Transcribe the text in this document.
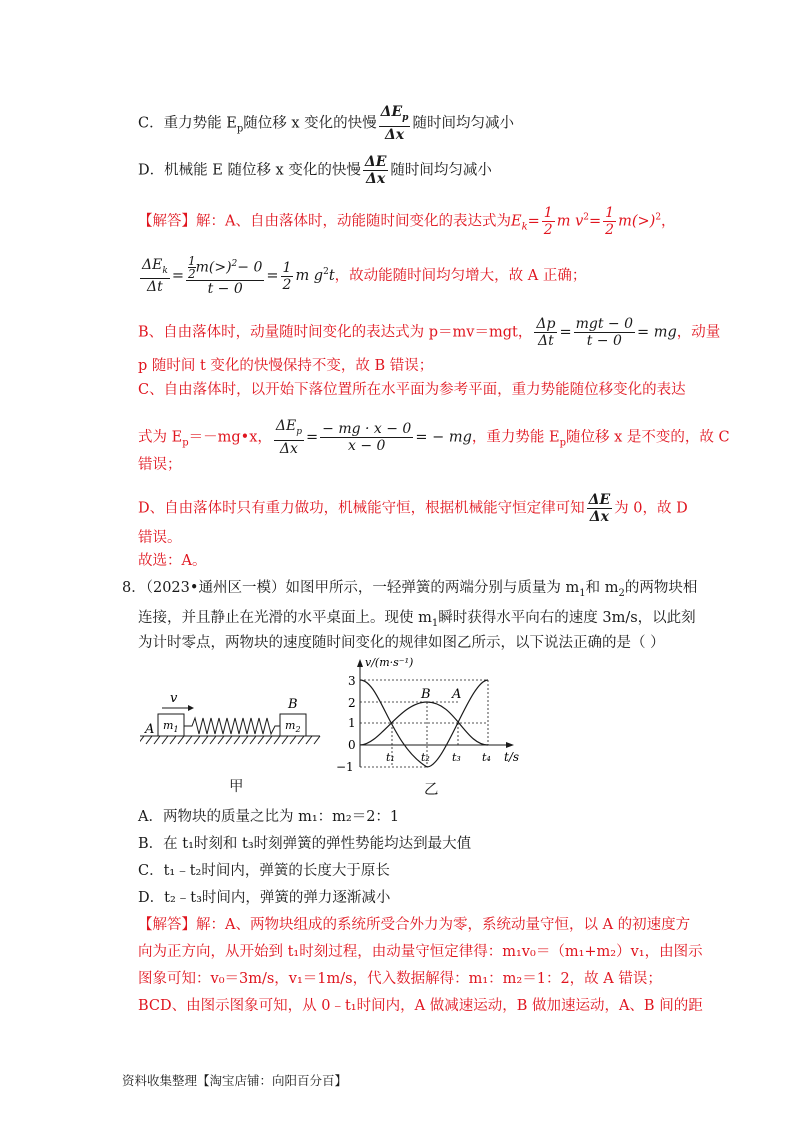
C．重力势能 $E_p$随位移 x 变化的快慢 $\frac{\Delta E_p}{\Delta x}$ 随时间均匀减小
D．机械能 E 随位移 x 变化的快慢 $\frac{\Delta E}{\Delta x}$ 随时间均匀减小
【解答】解：A、自由落体时，动能随时间变化的表达式为$E_k= \frac{1}{2}$ m $v^2= \frac{1}{2} m(>)^2$，
$\frac{\Delta E_k}{\Delta t} = \frac{\frac{1}{2} m(>)^2- 0}{t - 0} = \frac{1}{2}$ m $g^2t$，故动能随时间均匀增大，故 A 正确；
B、自由落体时，动量随时间变化的表达式为 p＝mv＝mgt， $\frac{\Delta p}{\Delta t} = \frac{\text{mgt − 0}}{t - 0}$ = mg，动量
p 随时间 t 变化的快慢保持不变，故 B 错误；
C、自由落体时，以开始下落位置所在水平面为参考平面，重力势能随位移变化的表达
式为 $E_p=-mg•x$， $\frac{\Delta E_p}{\Delta x} = \frac{- mg \cdot x - 0}{x - 0}$ = − mg，重力势能 $E_p$随位移 x 是不变的，故 C
错误；
D、自由落体时只有重力做功，机械能守恒，根据机械能守恒定律可知 $\frac{\Delta E}{\Delta x}$ 为 0，故 D
错误。
故选：A。
8．（2023•通州区一模）如图甲所示，一轻弹簧的两端分别与质量为 $m_1$和 $m_2$的两物块相
连接，并且静止在光滑的水平桌面上。现使 $m_1$瞬时获得水平向右的速度 3m/s，以此刻
为计时零点，两物块的速度随时间变化的规律如图乙所示，以下说法正确的是（ ）
v
A $m_1$
B
$m_2$
甲
v/(m·s⁻¹)
t/s
3
2
1
0
−1
B A
t₁ t₂ t₃ t₄
乙
A．两物块的质量之比为 m₁：m₂＝2：1
B．在 t₁时刻和 t₃时刻弹簧的弹性势能均达到最大值
C．t₁﹣t₂时间内，弹簧的长度大于原长
D．t₂﹣t₃时间内，弹簧的弹力逐渐减小
【解答】解：A、两物块组成的系统所受合外力为零，系统动量守恒，以 A 的初速度方
向为正方向，从开始到 t₁时刻过程，由动量守恒定律得：m₁v₀＝（m₁+m₂）v₁，由图示
图象可知：v₀＝3m/s，v₁＝1m/s，代入数据解得：m₁：m₂＝1：2，故 A 错误；
BCD、由图示图象可知，从 0﹣t₁时间内，A 做减速运动，B 做加速运动，A、B 间的距
资料收集整理【淘宝店铺：向阳百分百】
